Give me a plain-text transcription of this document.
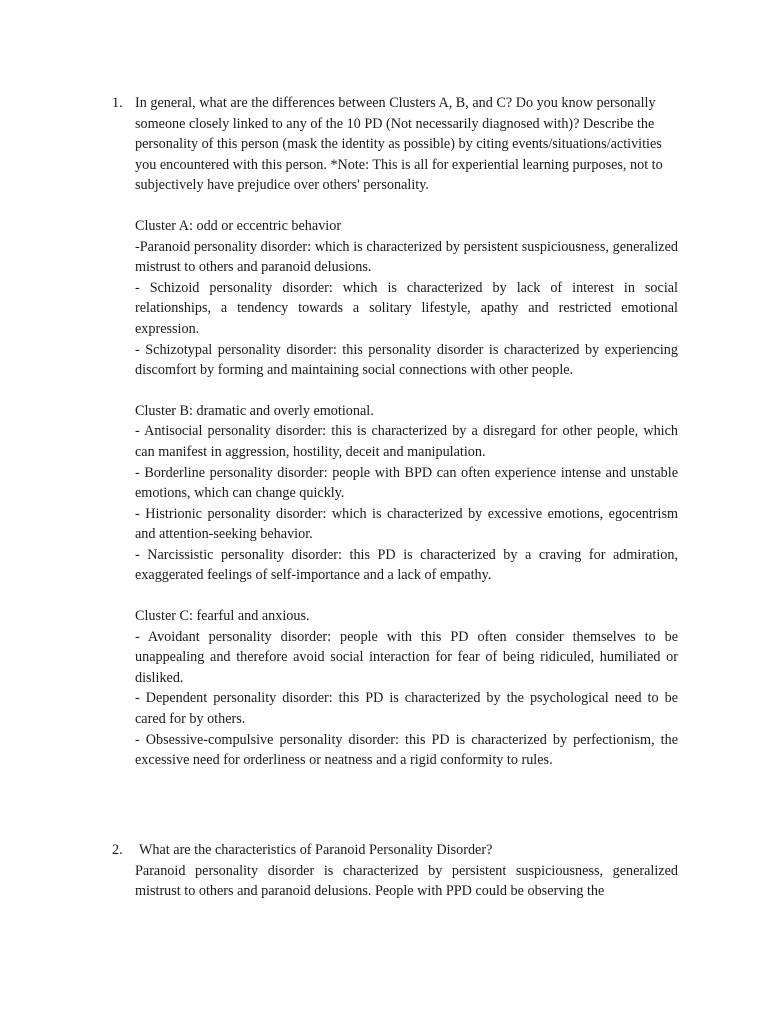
1. In general, what are the differences between Clusters A, B, and C? Do you know personally someone closely linked to any of the 10 PD (Not necessarily diagnosed with)? Describe the personality of this person (mask the identity as possible) by citing events/situations/activities you encountered with this person. *Note: This is all for experiential learning purposes, not to subjectively have prejudice over others' personality.

Cluster A: odd or eccentric behavior

-Paranoid personality disorder: which is characterized by persistent suspiciousness, generalized mistrust to others and paranoid delusions.

- Schizoid personality disorder: which is characterized by lack of interest in social relationships, a tendency towards a solitary lifestyle, apathy and restricted emotional expression.

- Schizotypal personality disorder: this personality disorder is characterized by experiencing discomfort by forming and maintaining social connections with other people.

Cluster B: dramatic and overly emotional.

- Antisocial personality disorder: this is characterized by a disregard for other people, which can manifest in aggression, hostility, deceit and manipulation.

- Borderline personality disorder: people with BPD can often experience intense and unstable emotions, which can change quickly.

- Histrionic personality disorder: which is characterized by excessive emotions, egocentrism and attention-seeking behavior.

- Narcissistic personality disorder: this PD is characterized by a craving for admiration, exaggerated feelings of self-importance and a lack of empathy.

Cluster C: fearful and anxious.

- Avoidant personality disorder: people with this PD often consider themselves to be unappealing and therefore avoid social interaction for fear of being ridiculed, humiliated or disliked.

- Dependent personality disorder: this PD is characterized by the psychological need to be cared for by others.

- Obsessive-compulsive personality disorder: this PD is characterized by perfectionism, the excessive need for orderliness or neatness and a rigid conformity to rules.

2. What are the characteristics of Paranoid Personality Disorder?

Paranoid personality disorder is characterized by persistent suspiciousness, generalized mistrust to others and paranoid delusions. People with PPD could be observing the
